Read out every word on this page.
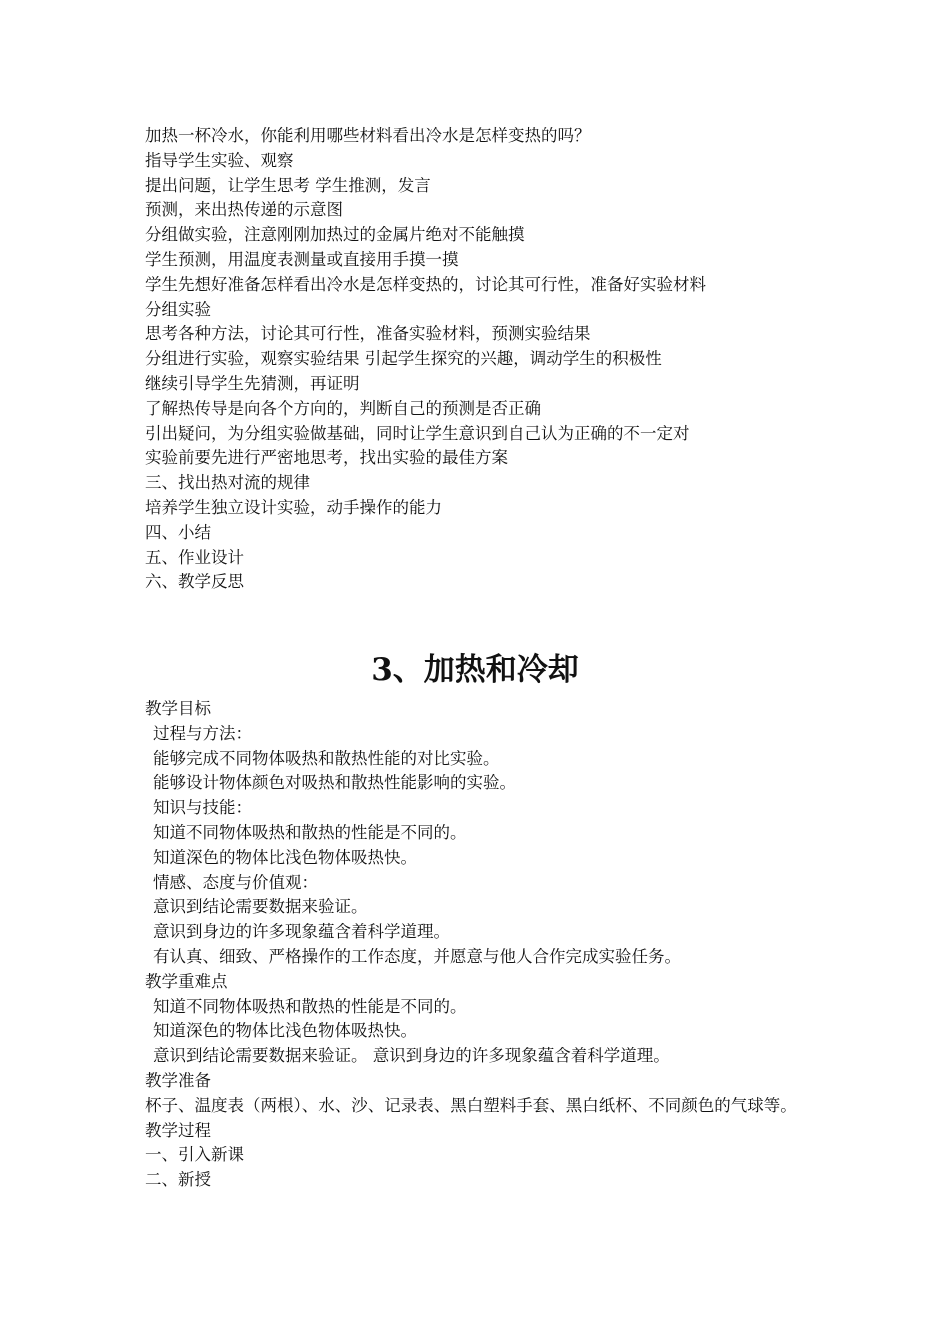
加热一杯冷水，你能利用哪些材料看出冷水是怎样变热的吗？
指导学生实验、观察
提出问题，让学生思考 学生推测，发言
预测，来出热传递的示意图
分组做实验，注意刚刚加热过的金属片绝对不能触摸
学生预测，用温度表测量或直接用手摸一摸
学生先想好准备怎样看出冷水是怎样变热的，讨论其可行性，准备好实验材料
分组实验
思考各种方法，讨论其可行性，准备实验材料，预测实验结果
分组进行实验，观察实验结果 引起学生探究的兴趣，调动学生的积极性
继续引导学生先猜测，再证明
了解热传导是向各个方向的，判断自己的预测是否正确
引出疑问，为分组实验做基础，同时让学生意识到自己认为正确的不一定对
实验前要先进行严密地思考，找出实验的最佳方案
三、找出热对流的规律
培养学生独立设计实验，动手操作的能力
四、小结
五、作业设计
六、教学反思
3、加热和冷却
教学目标
过程与方法：
能够完成不同物体吸热和散热性能的对比实验。
能够设计物体颜色对吸热和散热性能影响的实验。
知识与技能：
知道不同物体吸热和散热的性能是不同的。
知道深色的物体比浅色物体吸热快。
情感、态度与价值观：
意识到结论需要数据来验证。
意识到身边的许多现象蕴含着科学道理。
有认真、细致、严格操作的工作态度，并愿意与他人合作完成实验任务。
教学重难点
知道不同物体吸热和散热的性能是不同的。
知道深色的物体比浅色物体吸热快。
意识到结论需要数据来验证。 意识到身边的许多现象蕴含着科学道理。
教学准备
杯子、温度表（两根）、水、沙、记录表、黑白塑料手套、黑白纸杯、不同颜色的气球等。
教学过程
一、引入新课
二、新授
